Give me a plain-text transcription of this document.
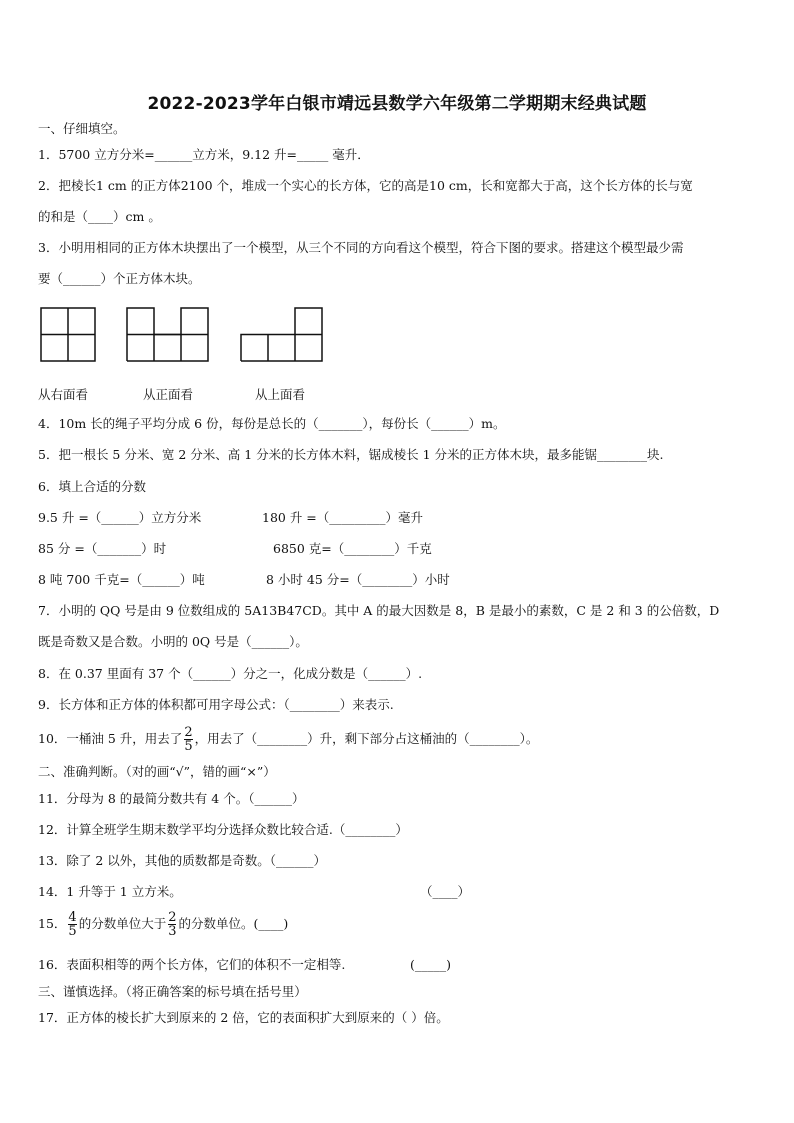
2022-2023学年白银市靖远县数学六年级第二学期期末经典试题
一、仔细填空。
1．5700 立方分米=______立方米，9.12 升=_____ 毫升．
2．把棱长1 cm 的正方体2100 个，堆成一个实心的长方体，它的高是10 cm，长和宽都大于高，这个长方体的长与宽
的和是（____）cm 。
3．小明用相同的正方体木块摆出了一个模型，从三个不同的方向看这个模型，符合下图的要求。搭建这个模型最少需
要（______）个正方体木块。
从右面看	从正面看	从上面看
4．10m 长的绳子平均分成 6 份，每份是总长的（_______），每份长（______）m。
5．把一根长 5 分米、宽 2 分米、高 1 分米的长方体木料，锯成棱长 1 分米的正方体木块，最多能锯________块.
6．填上合适的分数
9.5 升 =（______）立方分米	180 升 =（_________）毫升
85 分 =（_______）时	6850 克=（________）千克
8 吨 700 千克=（______）吨	8 小时 45 分=（________）小时
7．小明的 QQ 号是由 9 位数组成的 5A13B47CD。其中 A 的最大因数是 8，B 是最小的素数，C 是 2 和 3 的公倍数，D
既是奇数又是合数。小明的 0Q 号是（______）。
8．在 0.37 里面有 37 个（______）分之一，化成分数是（______）.
9．长方体和正方体的体积都可用字母公式：（________）来表示.
10．一桶油 5 升，用去了 $\frac{2}{5}$ ，用去了（________）升，剩下部分占这桶油的（________）。
二、准确判断。（对的画“√”，错的画“×”）
11．分母为 8 的最简分数共有 4 个。（______）
12．计算全班学生期末数学平均分选择众数比较合适.（________）
13．除了 2 以外，其他的质数都是奇数。（______）
14．1 升等于 1 立方米。	（____）
15． $\frac{4}{5}$ 的分数单位大于 $\frac{2}{3}$ 的分数单位。(____)
16．表面积相等的两个长方体，它们的体积不一定相等.	(_____)
三、谨慎选择。（将正确答案的标号填在括号里）
17．正方体的棱长扩大到原来的 2 倍，它的表面积扩大到原来的（ ）倍。
